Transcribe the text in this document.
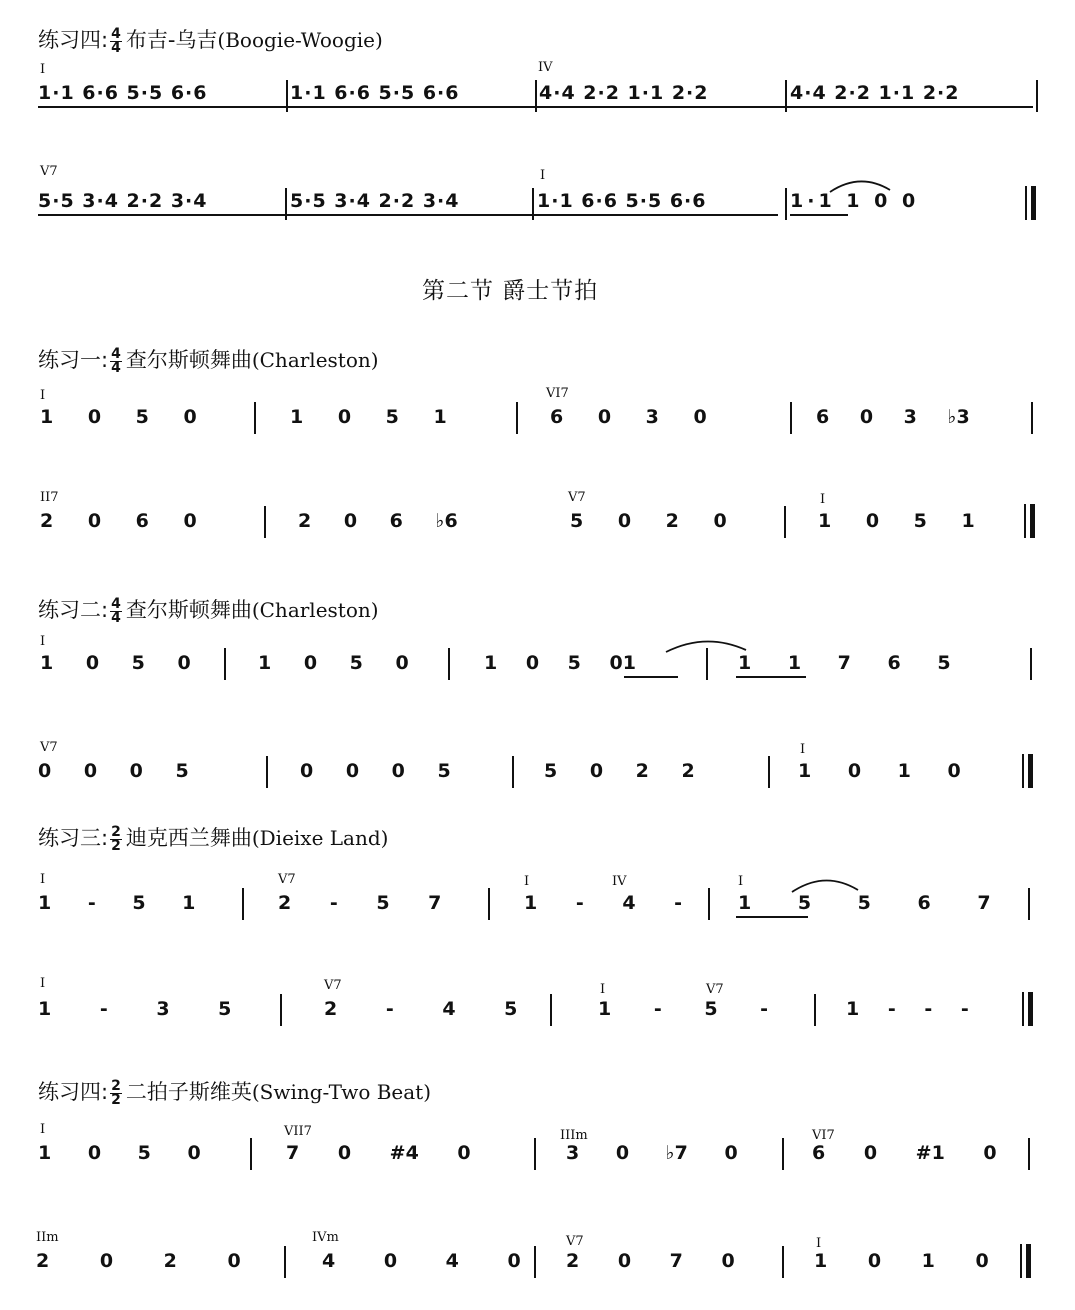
练习四: $\frac{4}{4}$ 布吉-乌吉(Boogie-Woogie)
I	IV
1·1 6·6 5·5 6·6	1·1 6·6 5·5 6·6	4·4 2·2 1·1 2·2	4·4 2·2 1·1 2·2
V7	I
5·5 3·4 2·2 3·4	5·5 3·4 2·2 3·4	1·1 6·6 5·5 6·6	1·1 1 0 0
第二节 爵士节拍
练习一: $\frac{4}{4}$ 查尔斯顿舞曲(Charleston)
I	VI7
1 0 5 0	1 0 5 1	6 0 3 0	6 0 3 ♭3
II7	V7	I
2 0 6 0	2 0 6 ♭6	5 0 2 0	1 0 5 1
练习二: $\frac{4}{4}$ 查尔斯顿舞曲(Charleston)
I
1 0 5 0	1 0 5 0	1 0 5 01	1 1 7 6 5
V7	I
0 0 0 5	0 0 0 5	5 0 2 2	1 0 1 0
练习三: $\frac{2}{2}$ 迪克西兰舞曲(Dieixe Land)
I	V7	I	IV	I
1 - 5 1	2 - 5 7	1 - 4 -	1 5 5 6 7
I	V7	I	V7
1 - 3 5	2 - 4 5	1 - 5 -	1 - - -
练习四: $\frac{2}{2}$ 二拍子斯维英(Swing-Two Beat)
I	VII7	IIIm	VI7
1 0 5 0	7 0 #4 0	3 0 ♭7 0	6 0 #1 0
IIm	IVm	V7	I
2 0 2 0	4 0 4 0 2 0 7 0	1 0 1 0
